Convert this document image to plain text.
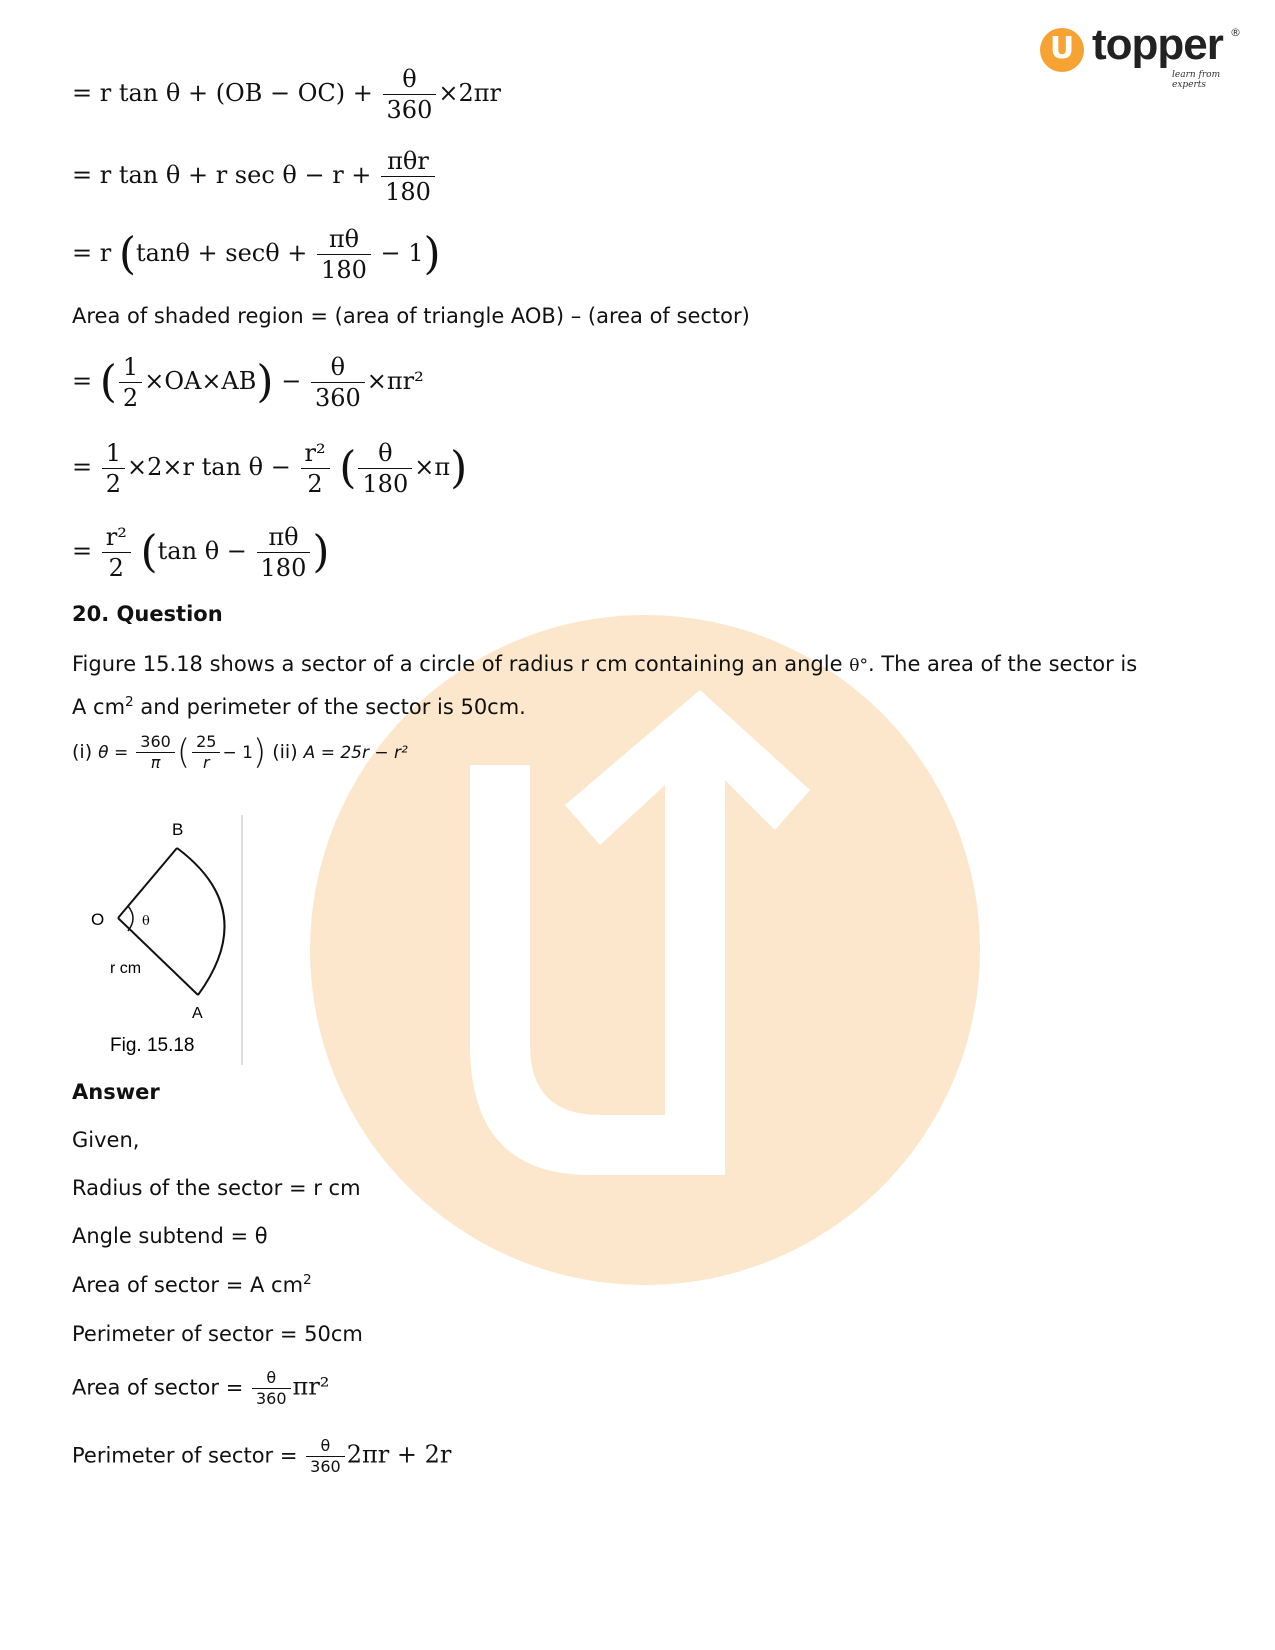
U topper
learn from experts
®
= r $\tan \theta + (OB - OC) + \frac{\theta}{360} \times 2\pi r$
= r tan θ + r $\sec \theta - r + \frac{\text{πθr}}{180}$
= r $(\tan\theta + \sec\theta + \frac{\pi\theta}{180} - 1)$
Area of shaded region = (area of triangle AOB) – (area of sector)
= ( $\frac{1}{2} \times OA\times AB) - \frac{\theta}{360} \times\pi r^2$
= $\frac{1}{2} \times 2\times r$ $\tan \theta - \frac{\text{r²}}{2}$ ( $\frac{\theta}{180} \times\pi$)
= $\frac{\text{r²}}{2} (\tan$ $\theta - \frac{\pi\theta}{180}$ )
20. Question
Figure 15.18 shows a sector of a circle of radius r cm containing an angle θ°. The area of the sector is
A $cm^2$ and perimeter of the sector is 50cm.
(i) $\theta = \frac{360}{\pi}$ ( $\frac{25}{r} - 1$) (ii) A = 25r − r²
B
O	θ
r cm
A
Fig. 15.18
Answer
Given,
Radius of the sector = r cm
Angle subtend = θ
Area of sector = A $cm^2$
Perimeter of sector = 50cm
Area of sector = $\frac{\theta}{360} \pi r^2$
Perimeter of sector = $\frac{\theta}{360} 2\pi r + 2r$
